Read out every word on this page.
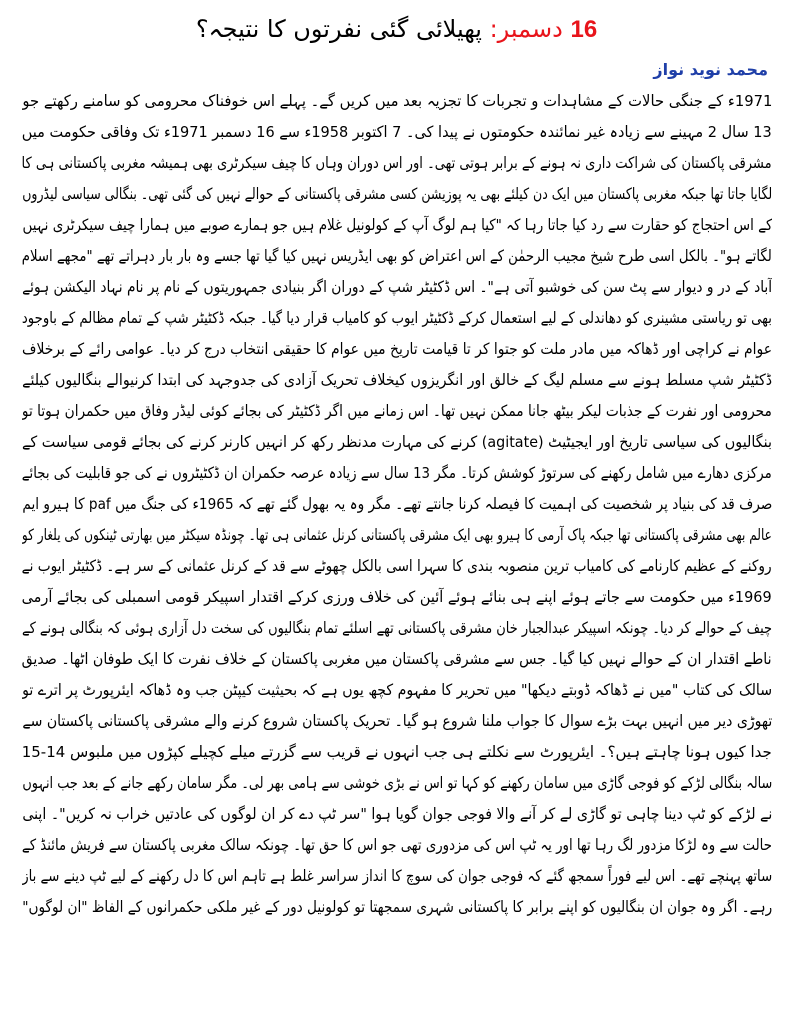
16 دسمبر: پھیلائی گئی نفرتوں کا نتیجہ؟
محمد نوید نواز
1971ء کے جنگی حالات کے مشاہدات و تجربات کا تجزیہ بعد میں کریں گے۔ پہلے اس خوفناک محرومی کو سامنے رکھتے جو
13 سال 2 مہینے سے زیادہ غیر نمائندہ حکومتوں نے پیدا کی۔ 7 اکتوبر 1958ء سے 16 دسمبر 1971ء تک وفاقی حکومت میں
مشرقی پاکستان کی شراکت داری نہ ہونے کے برابر ہوتی تھی۔ اور اس دوران وہاں کا چیف سیکرٹری بھی ہمیشہ مغربی پاکستانی ہی کا
لگایا جاتا تھا جبکہ مغربی پاکستان میں ایک دن کیلئے بھی یہ پوزیشن کسی مشرقی پاکستانی کے حوالے نہیں کی گئی تھی۔ بنگالی سیاسی لیڈروں
کے اس احتجاج کو حقارت سے رد کیا جاتا رہا کہ "کیا ہم لوگ آپ کے کولونیل غلام ہیں جو ہمارے صوبے میں ہمارا چیف سیکرٹری نہیں
لگاتے ہو"۔ بالکل اسی طرح شیخ مجیب الرحمٰن کے اس اعتراض کو بھی ایڈریس نہیں کیا گیا تھا جسے وہ بار بار دہراتے تھے "مجھے اسلام
آباد کے در و دیوار سے پٹ سن کی خوشبو آتی ہے"۔ اس ڈکٹیٹر شپ کے دوران اگر بنیادی جمہوریتوں کے نام پر نام نہاد الیکشن ہوئے
بھی تو ریاستی مشینری کو دھاندلی کے لیے استعمال کرکے ڈکٹیٹر ایوب کو کامیاب قرار دیا گیا۔ جبکہ ڈکٹیٹر شپ کے تمام مظالم کے باوجود
عوام نے کراچی اور ڈھاکہ میں مادر ملت کو جتوا کر تا قیامت تاریخ میں عوام کا حقیقی انتخاب درج کر دیا۔ عوامی رائے کے برخلاف
ڈکٹیٹر شپ مسلط ہونے سے مسلم لیگ کے خالق اور انگریزوں کیخلاف تحریک آزادی کی جدوجہد کی ابتدا کرنیوالے بنگالیوں کیلئے
محرومی اور نفرت کے جذبات لیکر بیٹھ جانا ممکن نہیں تھا۔ اس زمانے میں اگر ڈکٹیٹر کی بجائے کوئی لیڈر وفاق میں حکمران ہوتا تو
بنگالیوں کی سیاسی تاریخ اور ایجیٹیٹ (agitate) کرنے کی مہارت مدنظر رکھ کر انہیں کارنر کرنے کی بجائے قومی سیاست کے
مرکزی دھارے میں شامل رکھنے کی سرتوڑ کوشش کرتا۔ مگر 13 سال سے زیادہ عرصہ حکمران ان ڈکٹیٹروں نے کی جو قابلیت کی بجائے
صرف قد کی بنیاد پر شخصیت کی اہمیت کا فیصلہ کرنا جانتے تھے۔ مگر وہ یہ بھول گئے تھے کہ 1965ء کی جنگ میں paf کا ہیرو ایم
عالم بھی مشرقی پاکستانی تھا جبکہ پاک آرمی کا ہیرو بھی ایک مشرقی پاکستانی کرنل عثمانی ہی تھا۔ چونڈہ سیکٹر میں بھارتی ٹینکوں کی یلغار کو
روکنے کے عظیم کارنامے کی کامیاب ترین منصوبہ بندی کا سہرا اسی بالکل چھوٹے سے قد کے کرنل عثمانی کے سر ہے۔ ڈکٹیٹر ایوب نے
1969ء میں حکومت سے جاتے ہوئے اپنے ہی بنائے ہوئے آئین کی خلاف ورزی کرکے اقتدار اسپیکر قومی اسمبلی کی بجائے آرمی
چیف کے حوالے کر دیا۔ چونکہ اسپیکر عبدالجبار خان مشرقی پاکستانی تھے اسلئے تمام بنگالیوں کی سخت دل آزاری ہوئی کہ بنگالی ہونے کے
ناطے اقتدار ان کے حوالے نہیں کیا گیا۔ جس سے مشرقی پاکستان میں مغربی پاکستان کے خلاف نفرت کا ایک طوفان اٹھا۔ صدیق
سالک کی کتاب "میں نے ڈھاکہ ڈوبتے دیکھا" میں تحریر کا مفہوم کچھ یوں ہے کہ بحیثیت کیپٹن جب وہ ڈھاکہ ایئرپورٹ پر اترے تو
تھوڑی دیر میں انہیں بہت بڑے سوال کا جواب ملنا شروع ہو گیا۔ تحریک پاکستان شروع کرنے والے مشرقی پاکستانی پاکستان سے
جدا کیوں ہونا چاہتے ہیں؟۔ ایئرپورٹ سے نکلتے ہی جب انہوں نے قریب سے گزرتے میلے کچیلے کپڑوں میں ملبوس 14-15
سالہ بنگالی لڑکے کو فوجی گاڑی میں سامان رکھنے کو کہا تو اس نے بڑی خوشی سے ہامی بھر لی۔ مگر سامان رکھے جانے کے بعد جب انہوں
نے لڑکے کو ٹپ دینا چاہی تو گاڑی لے کر آنے والا فوجی جوان گویا ہوا "سر ٹپ دے کر ان لوگوں کی عادتیں خراب نہ کریں"۔ اپنی
حالت سے وہ لڑکا مزدور لگ رہا تھا اور یہ ٹپ اس کی مزدوری تھی جو اس کا حق تھا۔ چونکہ سالک مغربی پاکستان سے فریش مائنڈ کے
ساتھ پہنچے تھے۔ اس لیے فوراً سمجھ گئے کہ فوجی جوان کی سوچ کا انداز سراسر غلط ہے تاہم اس کا دل رکھنے کے لیے ٹپ دینے سے باز
رہے۔ اگر وہ جوان ان بنگالیوں کو اپنے برابر کا پاکستانی شہری سمجھتا تو کولونیل دور کے غیر ملکی حکمرانوں کے الفاظ "ان لوگوں"
